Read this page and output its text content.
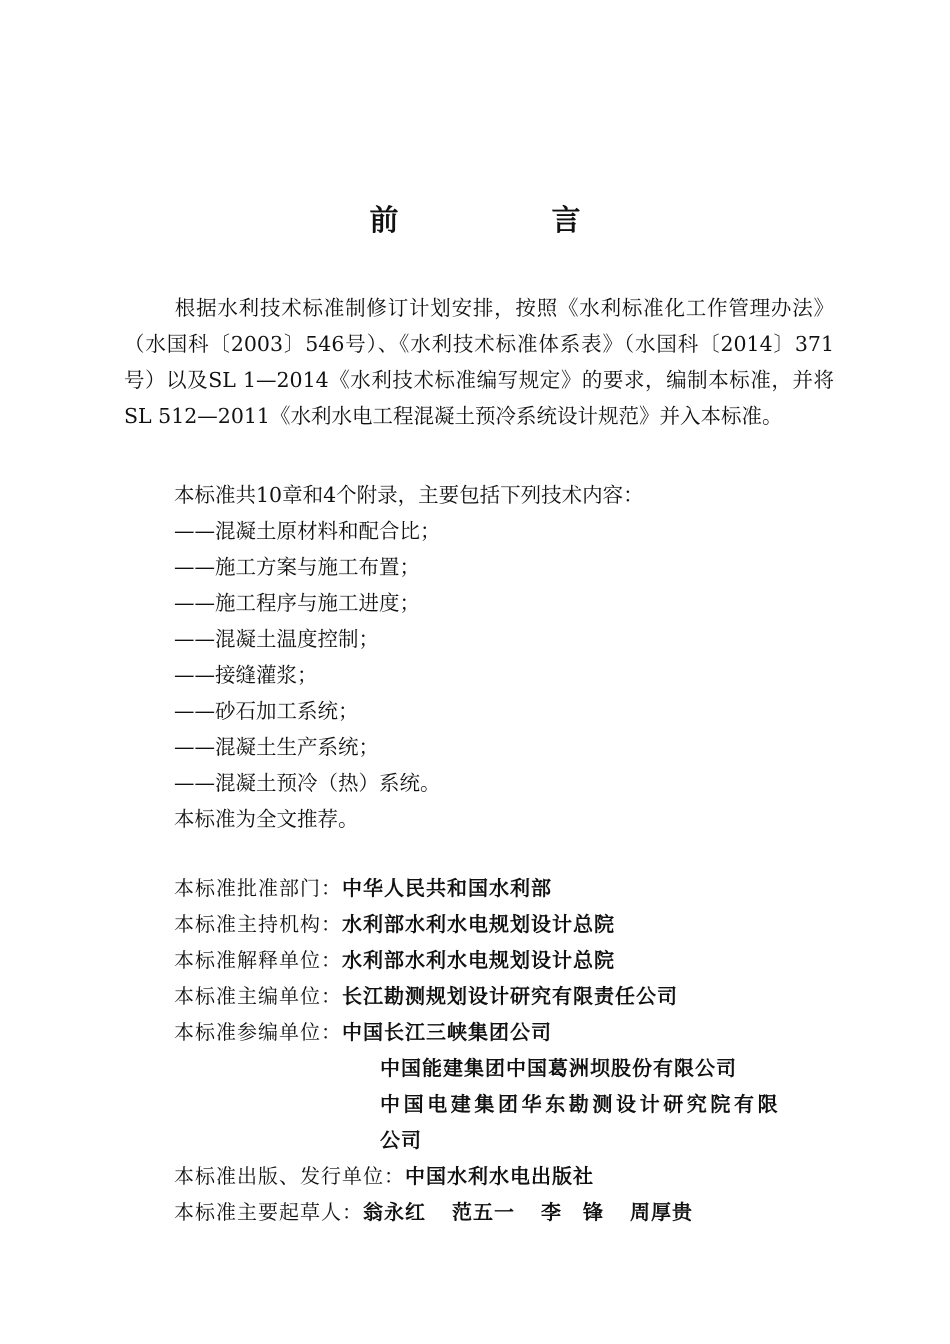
前　言
根据水利技术标准制修订计划安排，按照《水利标准化工作管理办法》（水国科〔2003〕546号）、《水利技术标准体系表》（水国科〔2014〕371号）以及SL 1—2014《水利技术标准编写规定》的要求，编制本标准，并将SL 512—2011《水利水电工程混凝土预冷系统设计规范》并入本标准。
本标准共10章和4个附录，主要包括下列技术内容：
——混凝土原材料和配合比；
——施工方案与施工布置；
——施工程序与施工进度；
——混凝土温度控制；
——接缝灌浆；
——砂石加工系统；
——混凝土生产系统；
——混凝土预冷（热）系统。
本标准为全文推荐。
本标准批准部门：中华人民共和国水利部
本标准主持机构：水利部水利水电规划设计总院
本标准解释单位：水利部水利水电规划设计总院
本标准主编单位：长江勘测规划设计研究有限责任公司
本标准参编单位：中国长江三峡集团公司
中国能建集团中国葛洲坝股份有限公司
中国电建集团华东勘测设计研究院有限
公司
本标准出版、发行单位：中国水利水电出版社
本标准主要起草人：翁永红 范五一 李　锋 周厚贵
